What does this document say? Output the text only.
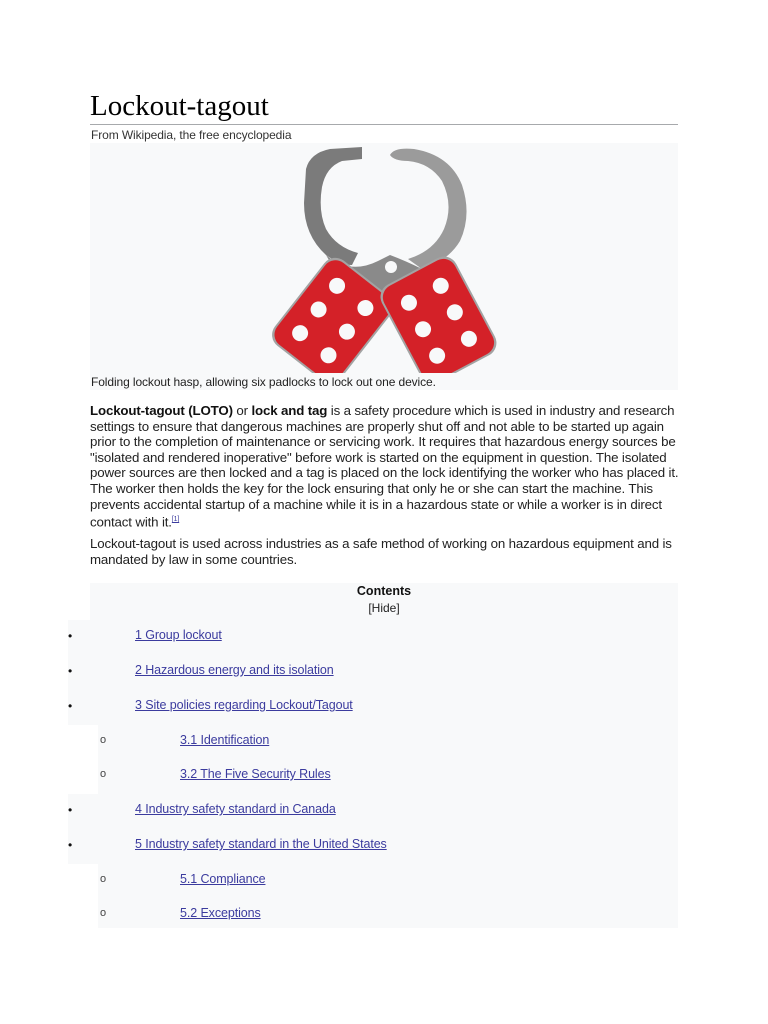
Lockout-tagout
From Wikipedia, the free encyclopedia
Folding lockout hasp, allowing six padlocks to lock out one device.

Lockout-tagout (LOTO) or lock and tag is a safety procedure which is used in industry and research settings to ensure that dangerous machines are properly shut off and not able to be started up again prior to the completion of maintenance or servicing work. It requires that hazardous energy sources be "isolated and rendered inoperative" before work is started on the equipment in question. The isolated power sources are then locked and a tag is placed on the lock identifying the worker who has placed it. The worker then holds the key for the lock ensuring that only he or she can start the machine. This prevents accidental startup of a machine while it is in a hazardous state or while a worker is in direct contact with it.[1]

Lockout-tagout is used across industries as a safe method of working on hazardous equipment and is mandated by law in some countries.

Contents
[Hide]
•	1 Group lockout
•	2 Hazardous energy and its isolation
•	3 Site policies regarding Lockout/Tagout
o	3.1 Identification
o	3.2 The Five Security Rules
•	4 Industry safety standard in Canada
•	5 Industry safety standard in the United States
o	5.1 Compliance
o	5.2 Exceptions
